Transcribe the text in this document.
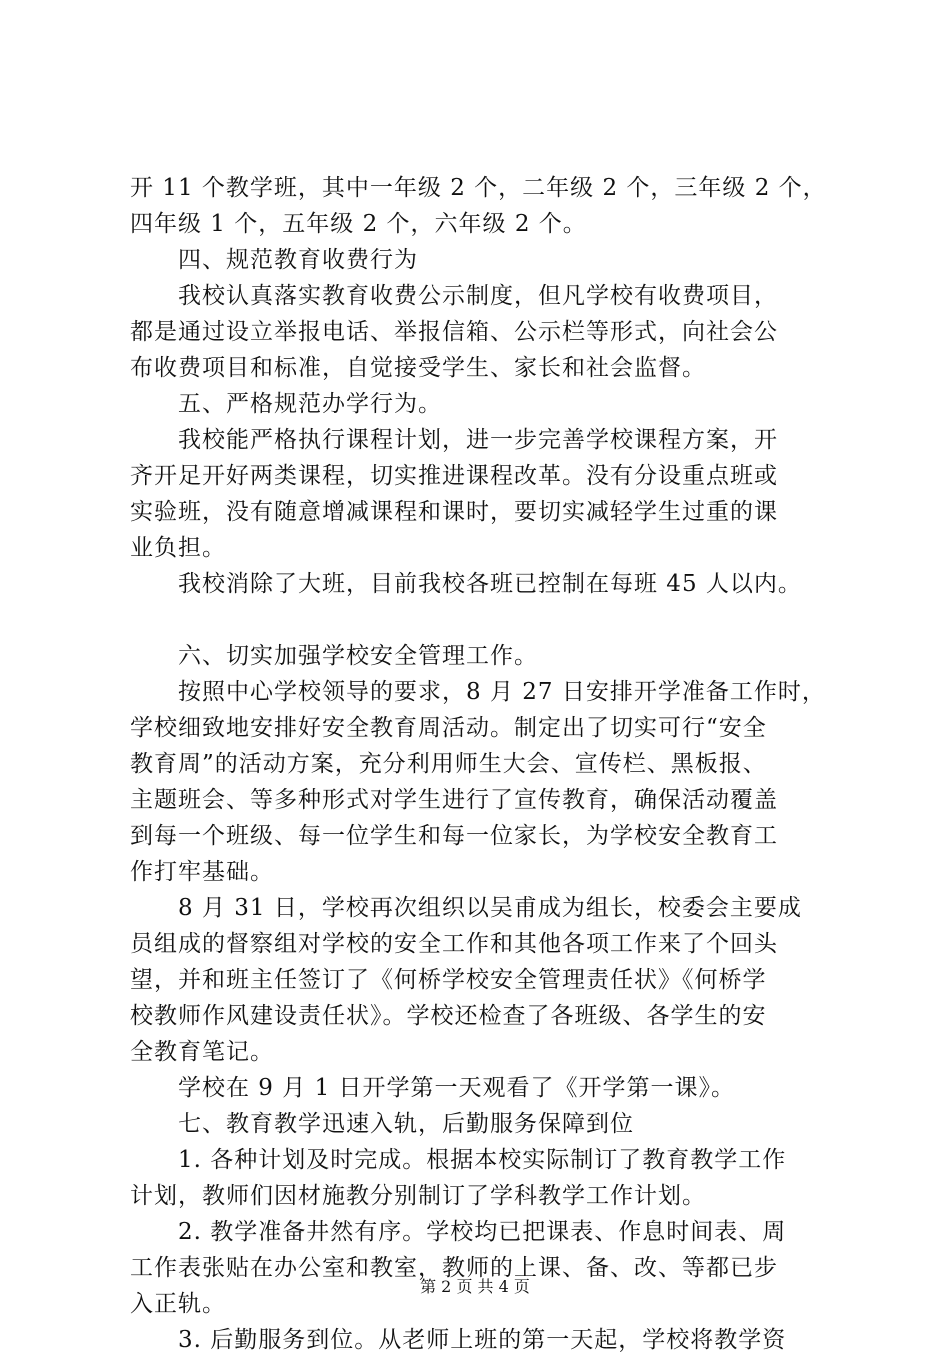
开 11 个教学班，其中一年级 2 个，二年级 2 个，三年级 2 个，
四年级 1 个，五年级 2 个，六年级 2 个。
四、规范教育收费行为
我校认真落实教育收费公示制度，但凡学校有收费项目，
都是通过设立举报电话、举报信箱、公示栏等形式，向社会公
布收费项目和标准，自觉接受学生、家长和社会监督。
五、严格规范办学行为。
我校能严格执行课程计划，进一步完善学校课程方案，开
齐开足开好两类课程，切实推进课程改革。没有分设重点班或
实验班，没有随意增减课程和课时，要切实减轻学生过重的课
业负担。
我校消除了大班，目前我校各班已控制在每班 45 人以内。
六、切实加强学校安全管理工作。
按照中心学校领导的要求，8 月 27 日安排开学准备工作时，
学校细致地安排好安全教育周活动。制定出了切实可行“安全
教育周”的活动方案，充分利用师生大会、宣传栏、黑板报、
主题班会、等多种形式对学生进行了宣传教育，确保活动覆盖
到每一个班级、每一位学生和每一位家长，为学校安全教育工
作打牢基础。
8 月 31 日，学校再次组织以吴甫成为组长，校委会主要成
员组成的督察组对学校的安全工作和其他各项工作来了个回头
望，并和班主任签订了《何桥学校安全管理责任状》《何桥学
校教师作风建设责任状》。学校还检查了各班级、各学生的安
全教育笔记。
学校在 9 月 1 日开学第一天观看了《开学第一课》。
七、教育教学迅速入轨，后勤服务保障到位
1. 各种计划及时完成。根据本校实际制订了教育教学工作
计划，教师们因材施教分别制订了学科教学工作计划。
2. 教学准备井然有序。学校均已把课表、作息时间表、周
工作表张贴在办公室和教室，教师的上课、备、改、等都已步
入正轨。
3. 后勤服务到位。从老师上班的第一天起，学校将教学资
第 2 页 共 4 页
